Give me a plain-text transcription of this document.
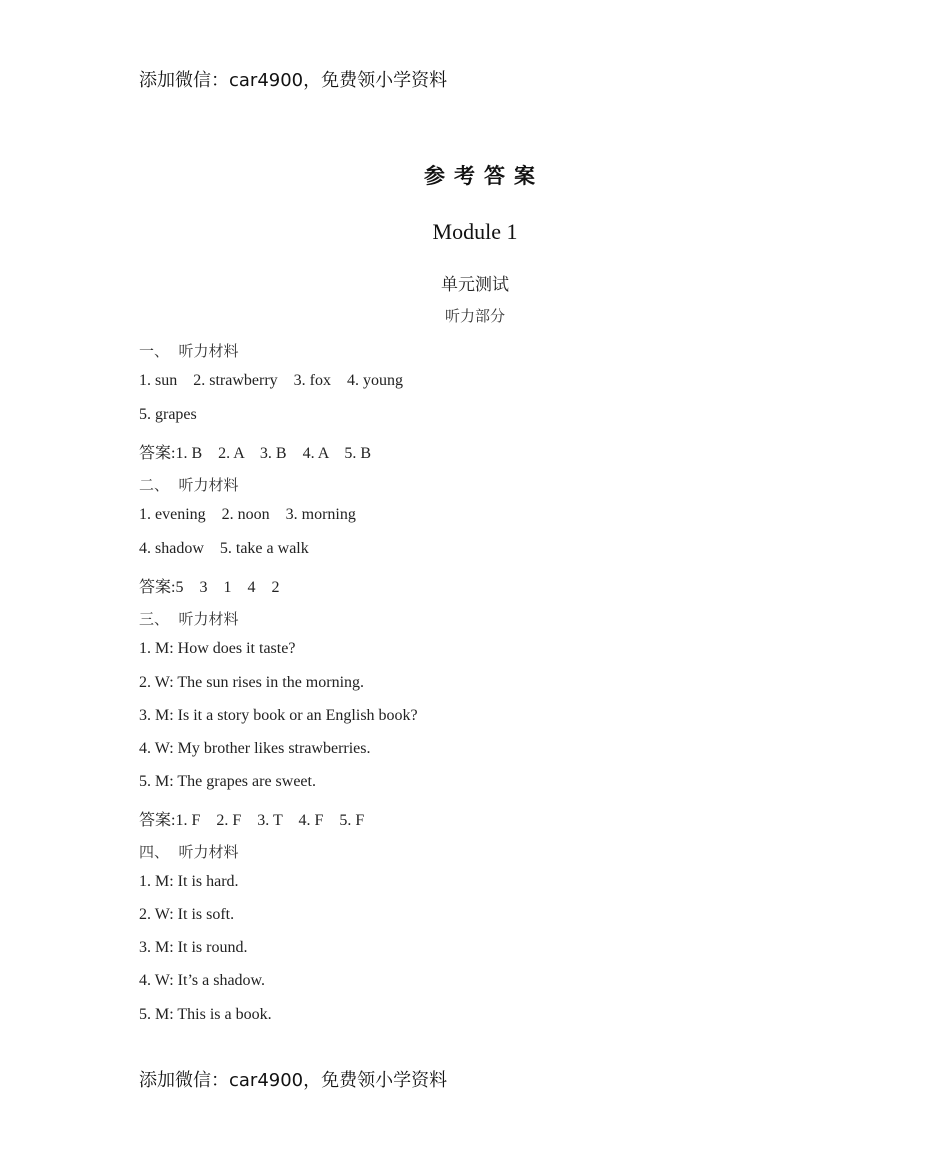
添加微信：car4900，免费领小学资料
参考答案
Module 1
单元测试
听力部分
一、  听力材料
1. sun    2. strawberry    3. fox    4. young
5. grapes
答案:1. B    2. A    3. B    4. A    5. B
二、  听力材料
1. evening    2. noon    3. morning
4. shadow    5. take a walk
答案:5    3    1    4    2
三、  听力材料
1. M: How does it taste?
2. W: The sun rises in the morning.
3. M: Is it a story book or an English book?
4. W: My brother likes strawberries.
5. M: The grapes are sweet.
答案:1. F    2. F    3. T    4. F    5. F
四、  听力材料
1. M: It is hard.
2. W: It is soft.
3. M: It is round.
4. W: It’s a shadow.
5. M: This is a book.
添加微信：car4900，免费领小学资料
